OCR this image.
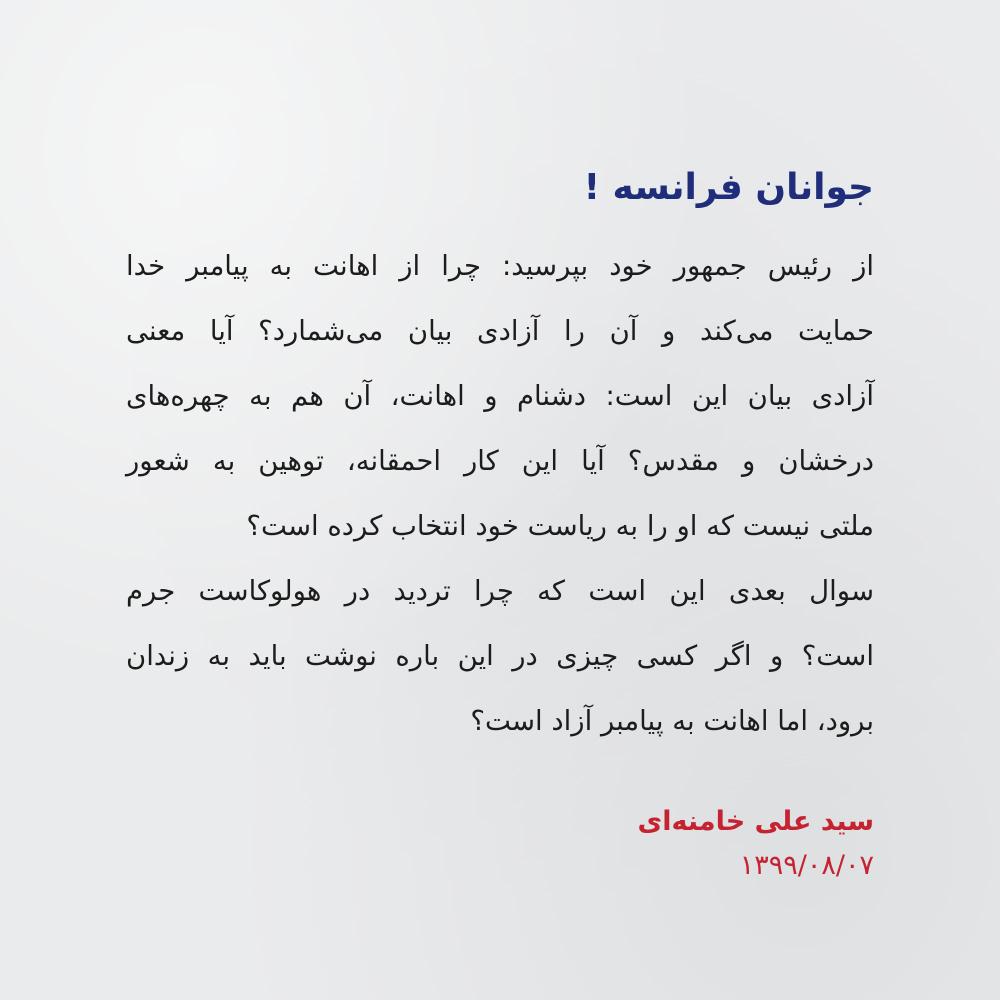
جوانان فرانسه !
از رئیس جمهور خود بپرسید: چرا از اهانت به پیامبر خدا
حمایت می‌کند و آن را آزادی بیان می‌شمارد؟ آیا معنی
آزادی بیان این است: دشنام و اهانت، آن هم به چهره‌های
درخشان و مقدس؟ آیا این کار احمقانه، توهین به شعور
ملتی نیست که او را به ریاست خود انتخاب کرده است؟
سوال بعدی این است که چرا تردید در هولوکاست جرم
است؟ و اگر کسی چیزی در این باره نوشت باید به زندان
برود، اما اهانت به پیامبر آزاد است؟
سید علی خامنه‌ای
۱۳۹۹/۰۸/۰۷
